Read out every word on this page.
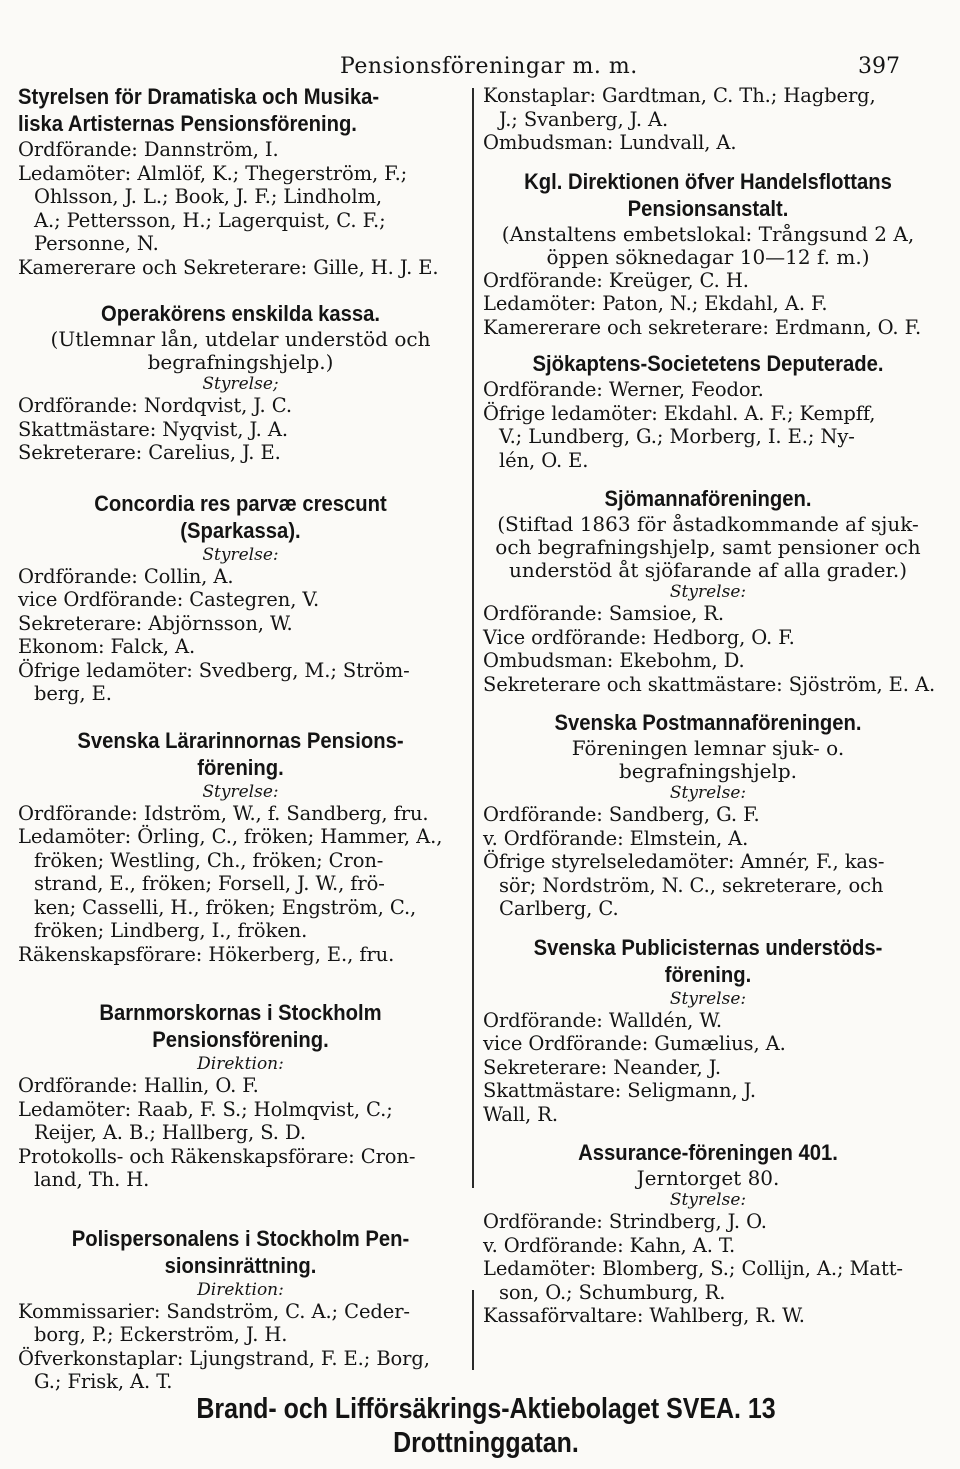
Pensionsföreningar m. m.	397
Styrelsen för Dramatiska och Musika-
liska Artisternas Pensionsförening.
Ordförande: Dannström, I.
Ledamöter: Almlöf, K.; Thegerström, F.;
Ohlsson, J. L.; Book, J. F.; Lindholm,
A.; Pettersson, H.; Lagerquist, C. F.;
Personne, N.
Kamererare och Sekreterare: Gille, H. J. E.
Operakörens enskilda kassa.
(Utlemnar lån, utdelar understöd och
begrafningshjelp.)
Styrelse;
Ordförande: Nordqvist, J. C.
Skattmästare: Nyqvist, J. A.
Sekreterare: Carelius, J. E.
Concordia res parvæ crescunt
(Sparkassa).
Styrelse:
Ordförande: Collin, A.
vice Ordförande: Castegren, V.
Sekreterare: Abjörnsson, W.
Ekonom: Falck, A.
Öfrige ledamöter: Svedberg, M.; Ström-
berg, E.
Svenska Lärarinnornas Pensions-
förening.
Styrelse:
Ordförande: Idström, W., f. Sandberg, fru.
Ledamöter: Örling, C., fröken; Hammer, A.,
fröken; Westling, Ch., fröken; Cron-
strand, E., fröken; Forsell, J. W., frö-
ken; Casselli, H., fröken; Engström, C.,
fröken; Lindberg, I., fröken.
Räkenskapsförare: Hökerberg, E., fru.
Barnmorskornas i Stockholm
Pensionsförening.
Direktion:
Ordförande: Hallin, O. F.
Ledamöter: Raab, F. S.; Holmqvist, C.;
Reijer, A. B.; Hallberg, S. D.
Protokolls- och Räkenskapsförare: Cron-
land, Th. H.
Polispersonalens i Stockholm Pen-
sionsinrättning.
Direktion:
Kommissarier: Sandström, C. A.; Ceder-
borg, P.; Eckerström, J. H.
Öfverkonstaplar: Ljungstrand, F. E.; Borg,
G.; Frisk, A. T.
Konstaplar: Gardtman, C. Th.; Hagberg,
J.; Svanberg, J. A.
Ombudsman: Lundvall, A.
Kgl. Direktionen öfver Handelsflottans
Pensionsanstalt.
(Anstaltens embetslokal: Trångsund 2 A,
öppen söknedagar 10—12 f. m.)
Ordförande: Kreüger, C. H.
Ledamöter: Paton, N.; Ekdahl, A. F.
Kamererare och sekreterare: Erdmann, O. F.
Sjökaptens-Societetens Deputerade.
Ordförande: Werner, Feodor.
Öfrige ledamöter: Ekdahl. A. F.; Kempff,
V.; Lundberg, G.; Morberg, I. E.; Ny-
lén, O. E.
Sjömannaföreningen.
(Stiftad 1863 för åstadkommande af sjuk-
och begrafningshjelp, samt pensioner och
understöd åt sjöfarande af alla grader.)
Styrelse:
Ordförande: Samsioe, R.
Vice ordförande: Hedborg, O. F.
Ombudsman: Ekebohm, D.
Sekreterare och skattmästare: Sjöström, E. A.
Svenska Postmannaföreningen.
Föreningen lemnar sjuk- o. begrafningshjelp.
Styrelse:
Ordförande: Sandberg, G. F.
v. Ordförande: Elmstein, A.
Öfrige styrelseledamöter: Amnér, F., kas-
sör; Nordström, N. C., sekreterare, och
Carlberg, C.
Svenska Publicisternas understöds-
förening.
Styrelse:
Ordförande: Walldén, W.
vice Ordförande: Gumælius, A.
Sekreterare: Neander, J.
Skattmästare: Seligmann, J.
Wall, R.
Assurance-föreningen 401.
Jerntorget 80.
Styrelse:
Ordförande: Strindberg, J. O.
v. Ordförande: Kahn, A. T.
Ledamöter: Blomberg, S.; Collijn, A.; Matt-
son, O.; Schumburg, R.
Kassaförvaltare: Wahlberg, R. W.
Brand- och Lifförsäkrings-Aktiebolaget SVEA. 13 Drottninggatan.
